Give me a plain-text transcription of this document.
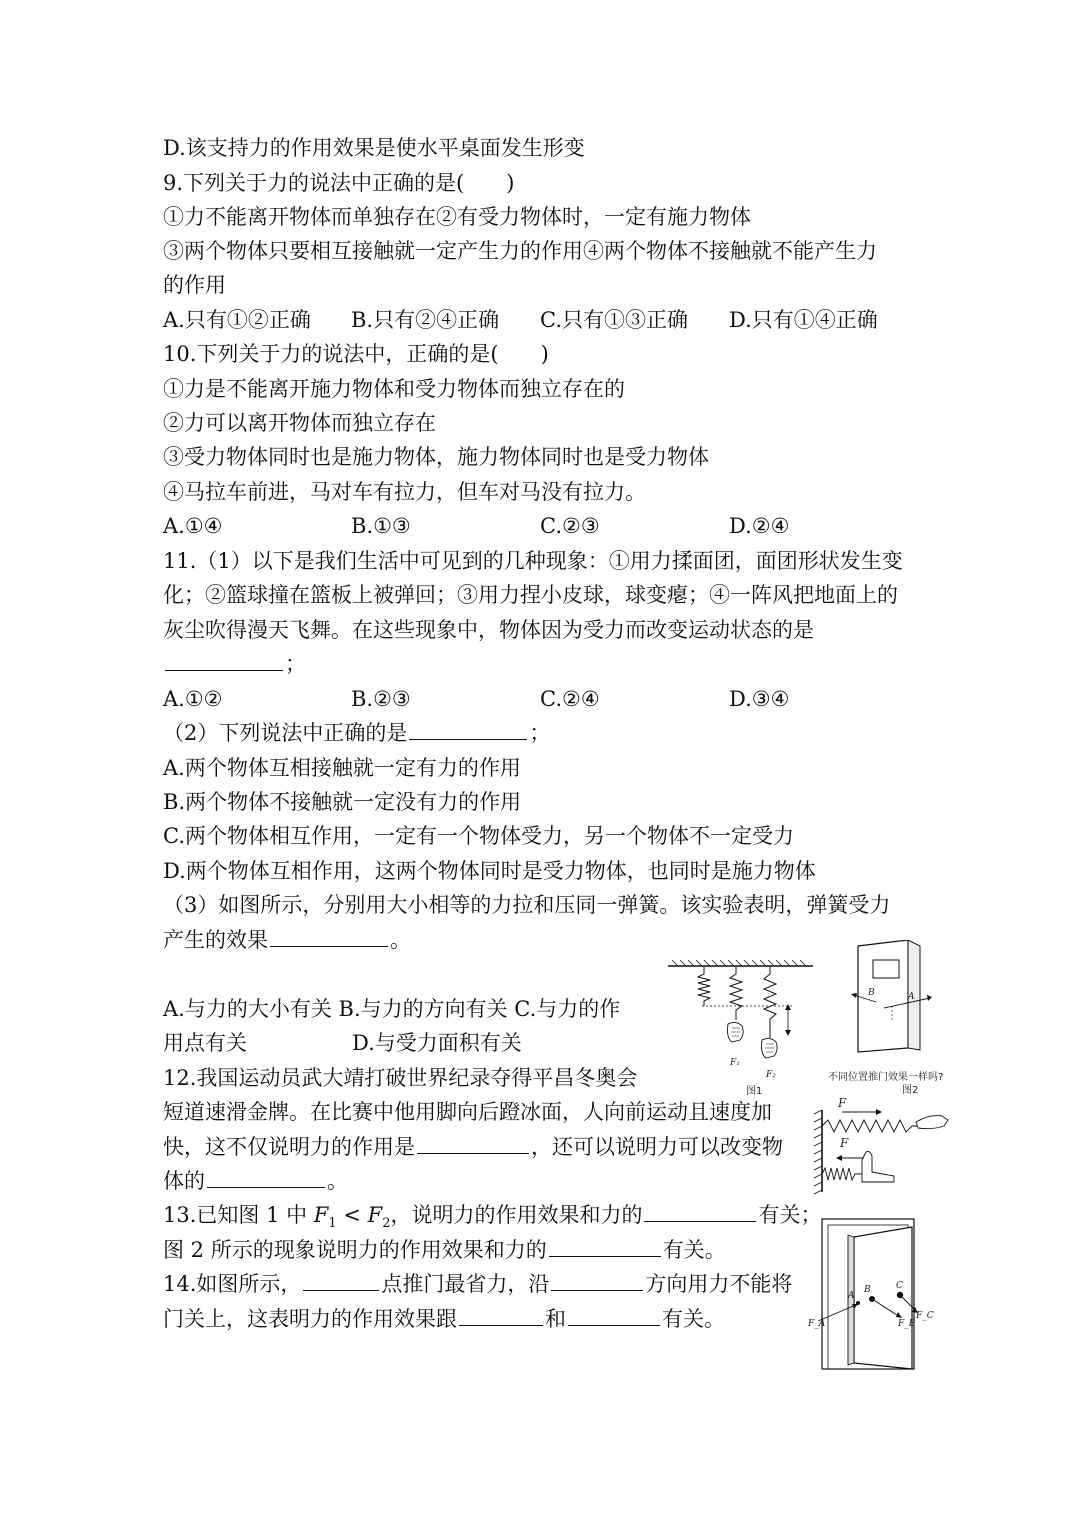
D.该支持力的作用效果是使水平桌面发生形变
9.下列关于力的说法中正确的是(　　)
①力不能离开物体而单独存在②有受力物体时，一定有施力物体
③两个物体只要相互接触就一定产生力的作用④两个物体不接触就不能产生力
的作用
A.只有①②正确 B.只有②④正确 C.只有①③正确 D.只有①④正确
10.下列关于力的说法中，正确的是(　　)
①力是不能离开施力物体和受力物体而独立存在的
②力可以离开物体而独立存在
③受力物体同时也是施力物体，施力物体同时也是受力物体
④马拉车前进，马对车有拉力，但车对马没有拉力。
A.①④	B.①③	C.②③	D.②④
11.（1）以下是我们生活中可见到的几种现象：①用力揉面团，面团形状发生变
化；②篮球撞在篮板上被弹回；③用力捏小皮球，球变瘪；④一阵风把地面上的
灰尘吹得漫天飞舞。在这些现象中，物体因为受力而改变运动状态的是
；
A.①②	B.②③	C.②④	D.③④
（2）下列说法中正确的是	；
A.两个物体互相接触就一定有力的作用
B.两个物体不接触就一定没有力的作用
C.两个物体相互作用，一定有一个物体受力，另一个物体不一定受力
D.两个物体互相作用，这两个物体同时是受力物体，也同时是施力物体
（3）如图所示，分别用大小相等的力拉和压同一弹簧。该实验表明，弹簧受力
产生的效果	。
A.与力的大小有关 B.与力的方向有关 C.与力的作
用点有关	D.与受力面积有关
12.我国运动员武大靖打破世界纪录夺得平昌冬奥会
短道速滑金牌。在比赛中他用脚向后蹬冰面，人向前运动且速度加
快，这不仅说明力的作用是	，还可以说明力可以改变物
体的	。
13.已知图 1 中 $F_1 < F_2$，说明力的作用效果和力的	有关；
图 2 所示的现象说明力的作用效果和力的	有关。
14.如图所示，	点推门最省力，沿	方向用力不能将
门关上，这表明力的作用效果跟	和	有关。
F₁
F₂
图1
B	A
不同位置推门效果一样吗?
图2
F
F
A
B	C
F_A	F_B
F_C
